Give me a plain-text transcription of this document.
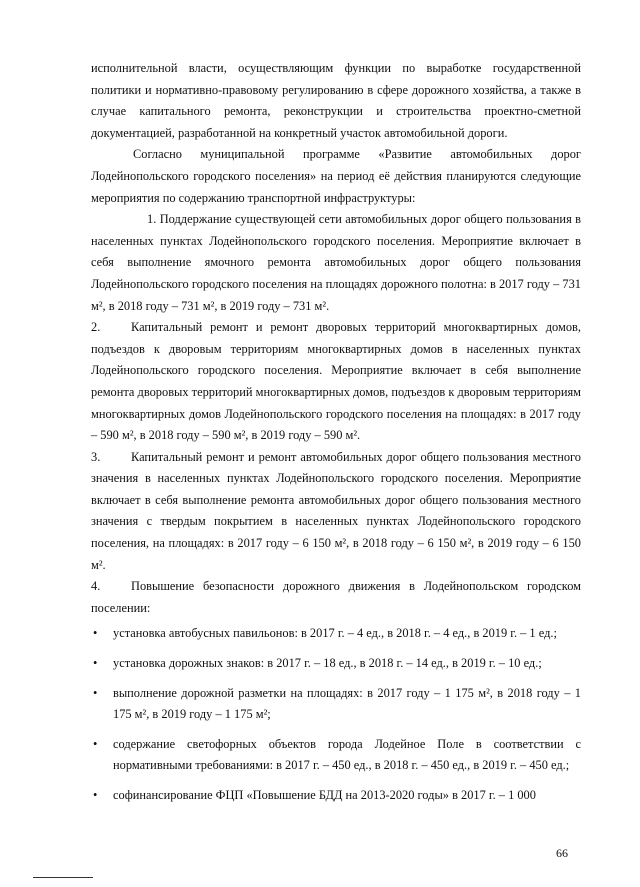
исполнительной власти, осуществляющим функции по выработке государственной политики и нормативно-правовому регулированию в сфере дорожного хозяйства, а также в случае капитального ремонта, реконструкции и строительства проектно-сметной документацией, разработанной на конкретный участок автомобильной дороги.

Согласно муниципальной программе «Развитие автомобильных дорог Лодейнопольского городского поселения» на период её действия планируются следующие мероприятия по содержанию транспортной инфраструктуры:

1. Поддержание существующей сети автомобильных дорог общего пользования в населенных пунктах Лодейнопольского городского поселения. Мероприятие включает в себя выполнение ямочного ремонта автомобильных дорог общего пользования Лодейнопольского городского поселения на площадях дорожного полотна: в 2017 году – 731 м², в 2018 году – 731 м², в 2019 году – 731 м².

2. Капитальный ремонт и ремонт дворовых территорий многоквартирных домов, подъездов к дворовым территориям многоквартирных домов в населенных пунктах Лодейнопольского городского поселения. Мероприятие включает в себя выполнение ремонта дворовых территорий многоквартирных домов, подъездов к дворовым территориям многоквартирных домов Лодейнопольского городского поселения на площадях: в 2017 году – 590 м², в 2018 году – 590 м², в 2019 году – 590 м².

3. Капитальный ремонт и ремонт автомобильных дорог общего пользования местного значения в населенных пунктах Лодейнопольского городского поселения. Мероприятие включает в себя выполнение ремонта автомобильных дорог общего пользования местного значения с твердым покрытием в населенных пунктах Лодейнопольского городского поселения, на площадях: в 2017 году – 6 150 м², в 2018 году – 6 150 м², в 2019 году – 6 150 м².

4. Повышение безопасности дорожного движения в Лодейнопольском городском поселении:

• установка автобусных павильонов: в 2017 г. – 4 ед., в 2018 г. – 4 ед., в 2019 г. – 1 ед.;
• установка дорожных знаков: в 2017 г. – 18 ед., в 2018 г. – 14 ед., в 2019 г. – 10 ед.;
• выполнение дорожной разметки на площадях: в 2017 году – 1 175 м², в 2018 году – 1 175 м², в 2019 году – 1 175 м²;
• содержание светофорных объектов города Лодейное Поле в соответствии с нормативными требованиями: в 2017 г. – 450 ед., в 2018 г. – 450 ед., в 2019 г. – 450 ед.;
• софинансирование ФЦП «Повышение БДД на 2013-2020 годы» в 2017 г. – 1 000
66
